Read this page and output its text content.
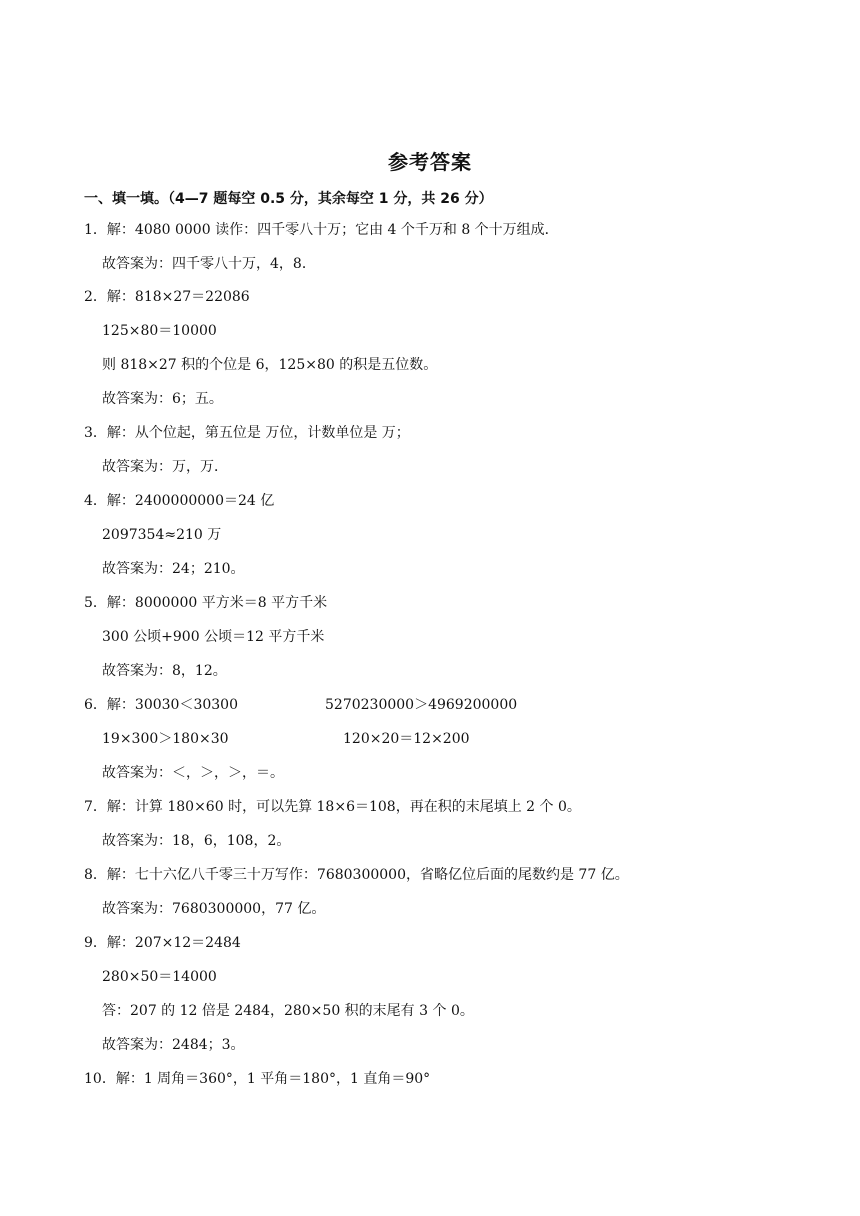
参考答案

一、填一填。（4—7 题每空 0.5 分，其余每空 1 分，共 26 分）

1．解：4080 0000 读作：四千零八十万；它由 4 个千万和 8 个十万组成．

故答案为：四千零八十万，4，8．

2．解：818×27＝22086

125×80＝10000

则 818×27 积的个位是 6，125×80 的积是五位数。

故答案为：6；五。

3．解：从个位起，第五位是 万位，计数单位是 万；

故答案为：万，万．

4．解：2400000000＝24 亿

2097354≈210 万

故答案为：24；210。

5．解：8000000 平方米＝8 平方千米

300 公顷+900 公顷＝12 平方千米

故答案为：8，12。

6．解：30030＜30300	5270230000＞4969200000

19×300＞180×30	120×20＝12×200

故答案为：＜，＞，＞，＝。

7．解：计算 180×60 时，可以先算 18×6＝108，再在积的末尾填上 2 个 0。

故答案为：18，6，108，2。

8．解：七十六亿八千零三十万写作：7680300000，省略亿位后面的尾数约是 77 亿。

故答案为：7680300000，77 亿。

9．解：207×12＝2484

280×50＝14000

答：207 的 12 倍是 2484，280×50 积的末尾有 3 个 0。

故答案为：2484；3。

10．解：1 周角＝360°，1 平角＝180°，1 直角＝90°
